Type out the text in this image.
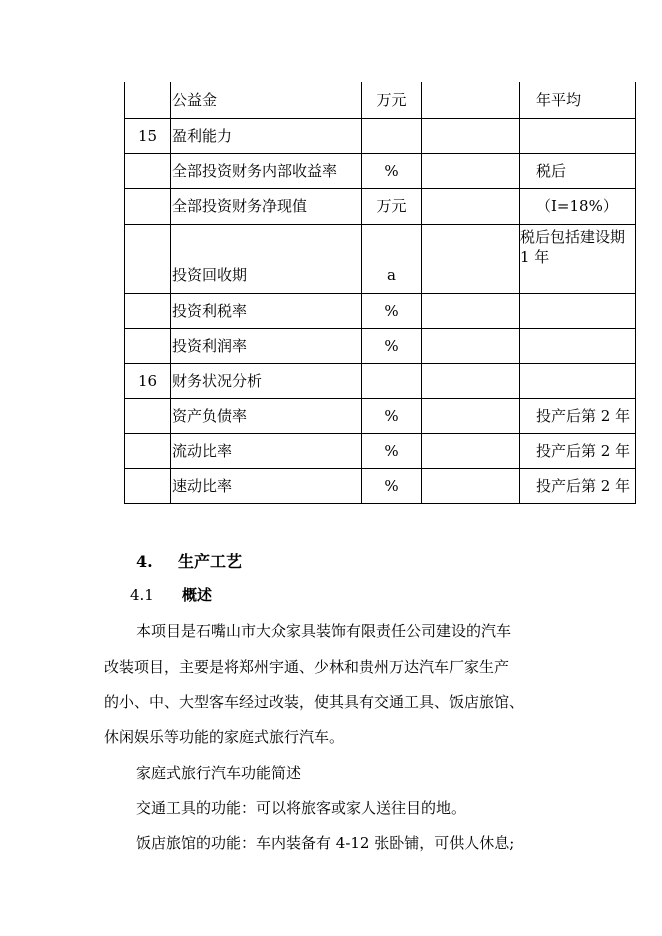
	公益金	万元		年平均
15	盈利能力			
	全部投资财务内部收益率	%		税后
	全部投资财务净现值	万元		（I=18%）
	投资回收期	a		税后包括建设期 1 年
	投资利税率	%		
	投资利润率	%		
16	财务状况分析			
	资产负债率	%		投产后第 2 年
	流动比率	%		投产后第 2 年
	速动比率	%		投产后第 2 年
4. 生产工艺
4.1 概述
本项目是石嘴山市大众家具装饰有限责任公司建设的汽车
改装项目，主要是将郑州宇通、少林和贵州万达汽车厂家生产
的小、中、大型客车经过改装，使其具有交通工具、饭店旅馆、
休闲娱乐等功能的家庭式旅行汽车。
家庭式旅行汽车功能简述
交通工具的功能：可以将旅客或家人送往目的地。
饭店旅馆的功能：车内装备有 4-12 张卧铺，可供人休息;
